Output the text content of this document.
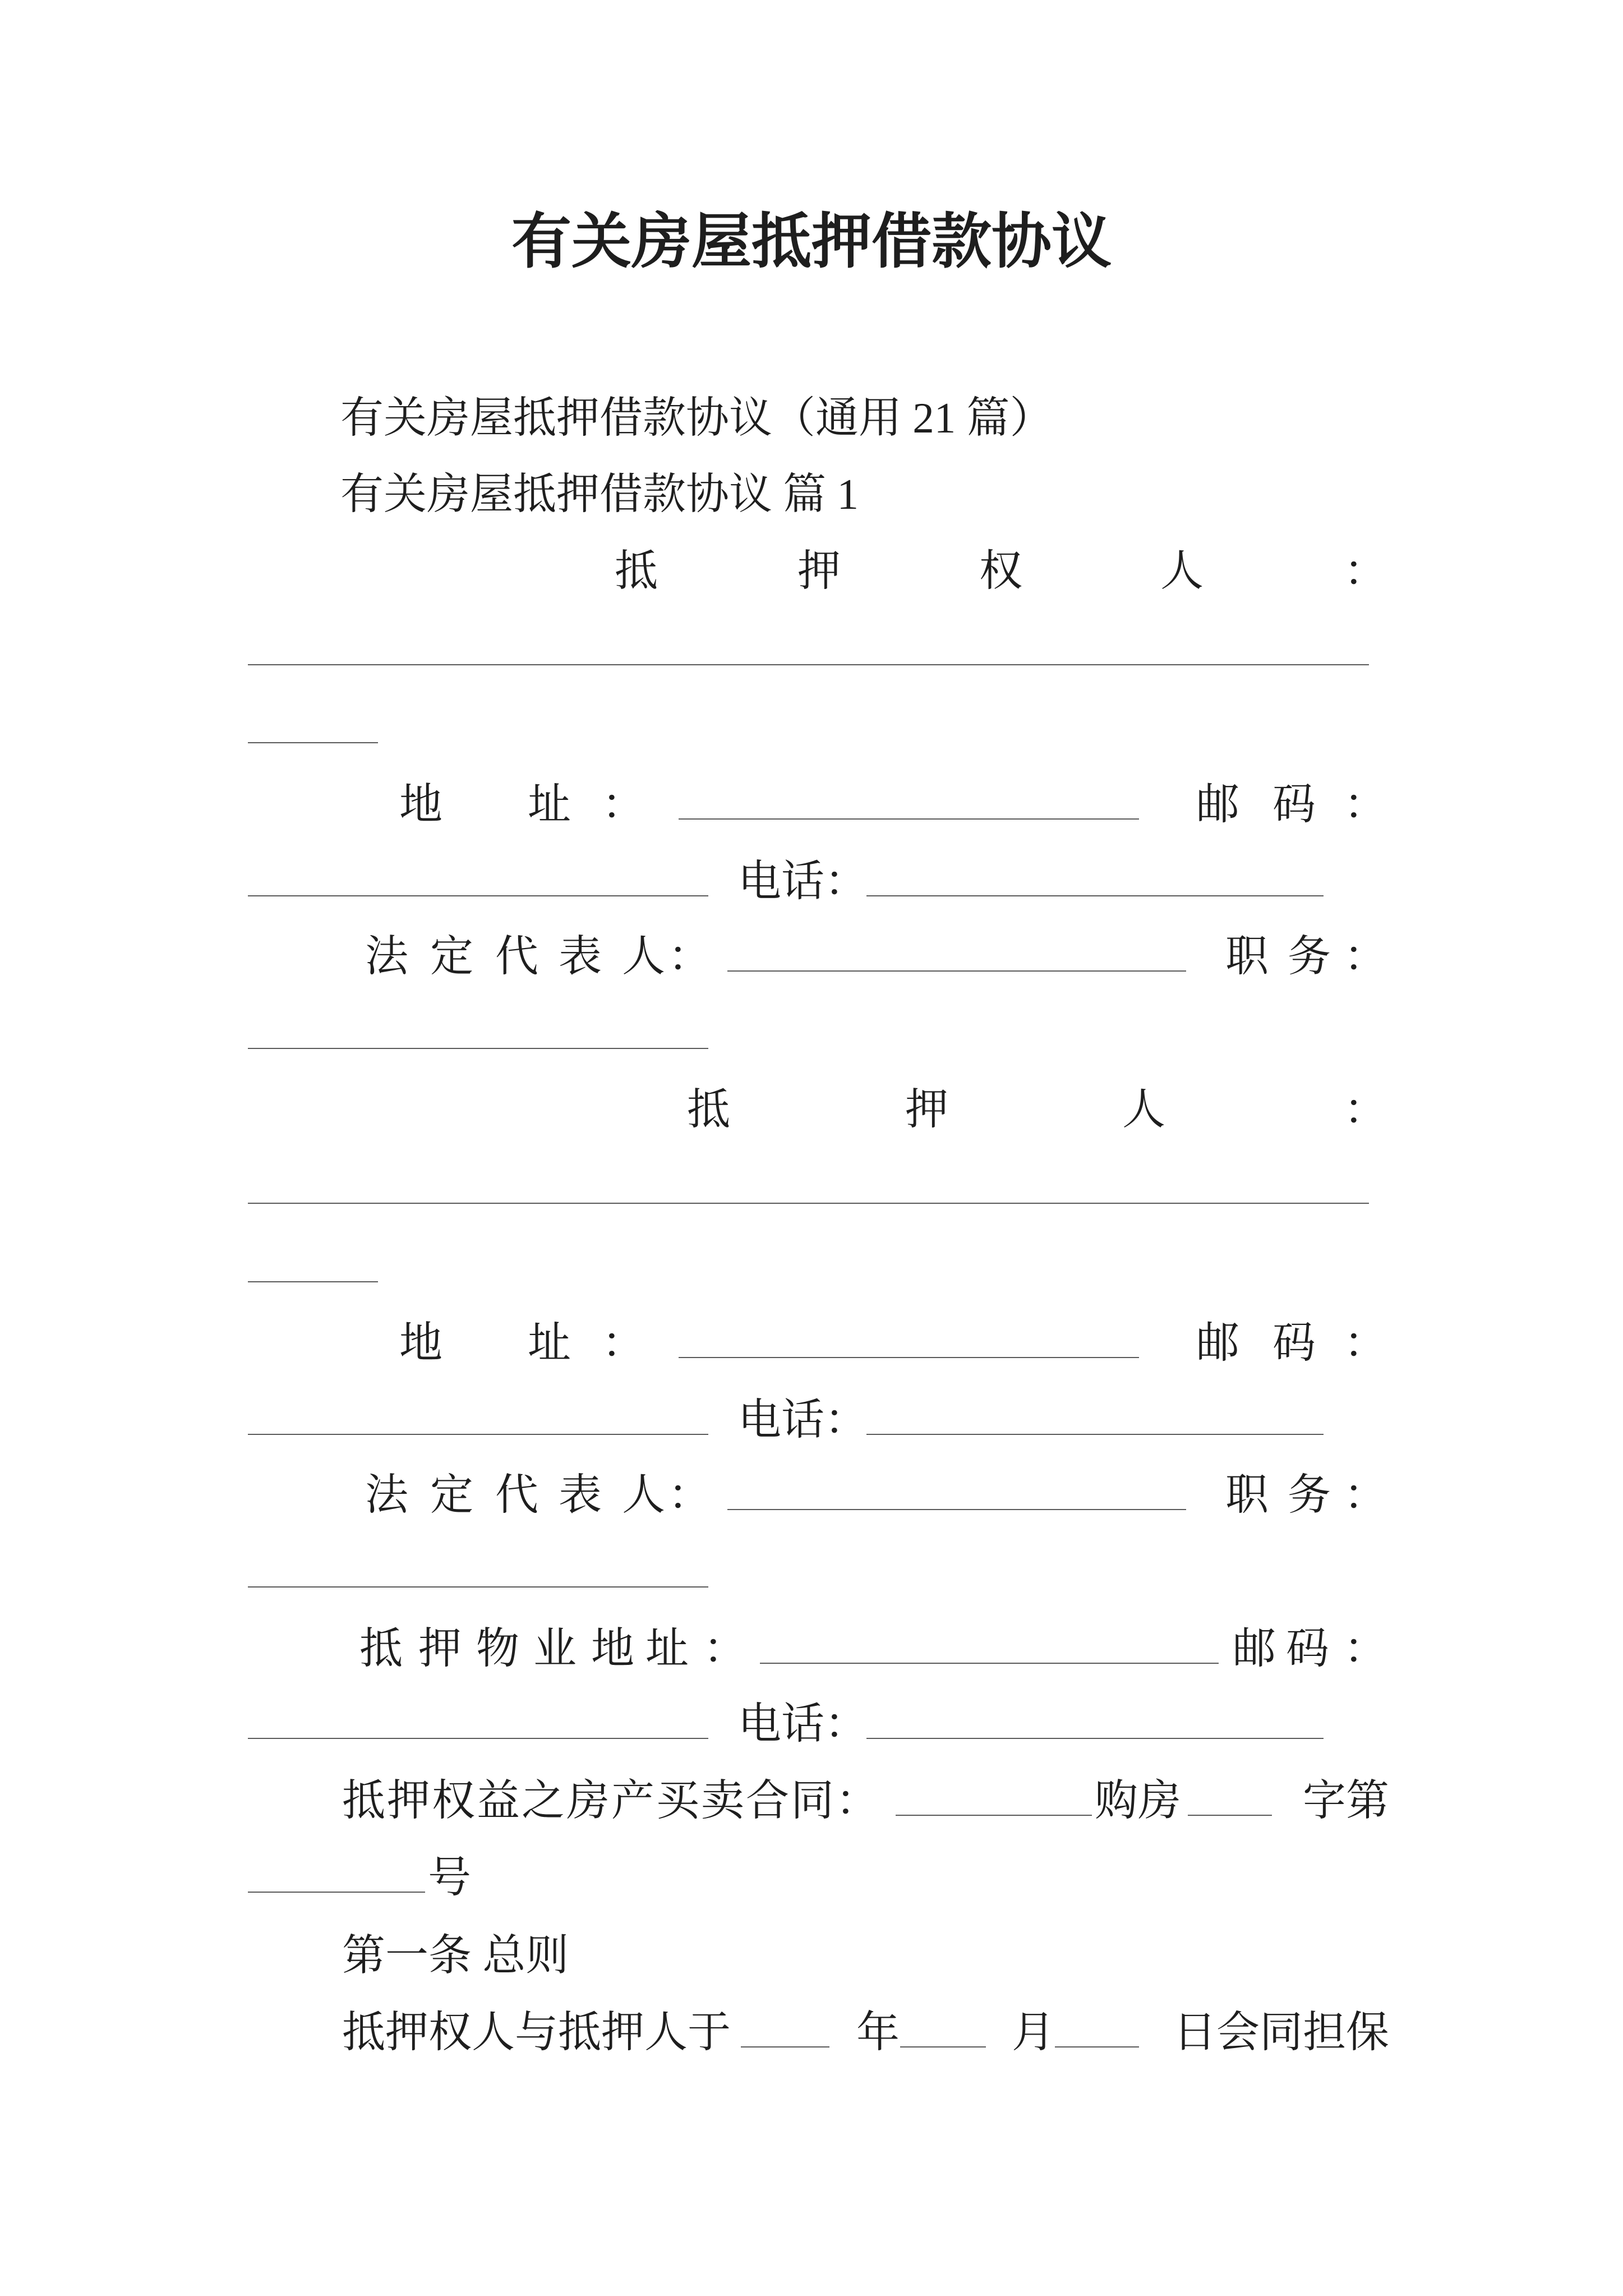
有关房屋抵押借款协议
有关房屋抵押借款协议（通用 21 篇）
有关房屋抵押借款协议 篇 1
抵	押	权	人	：
地 址 ：	邮 码 ：
电话：
法 定 代 表 人 ：	职 务 ：
抵	押	人	：
地 址 ：	邮 码 ：
电话：
法 定 代 表 人 ：	职 务 ：
抵 押 物 业 地 址 ：	邮 码 ：
电话：
抵押权益之房产买卖合同：	购房	字第
号
第一条 总则
抵押权人与抵押人于	年	月	日会同担保
